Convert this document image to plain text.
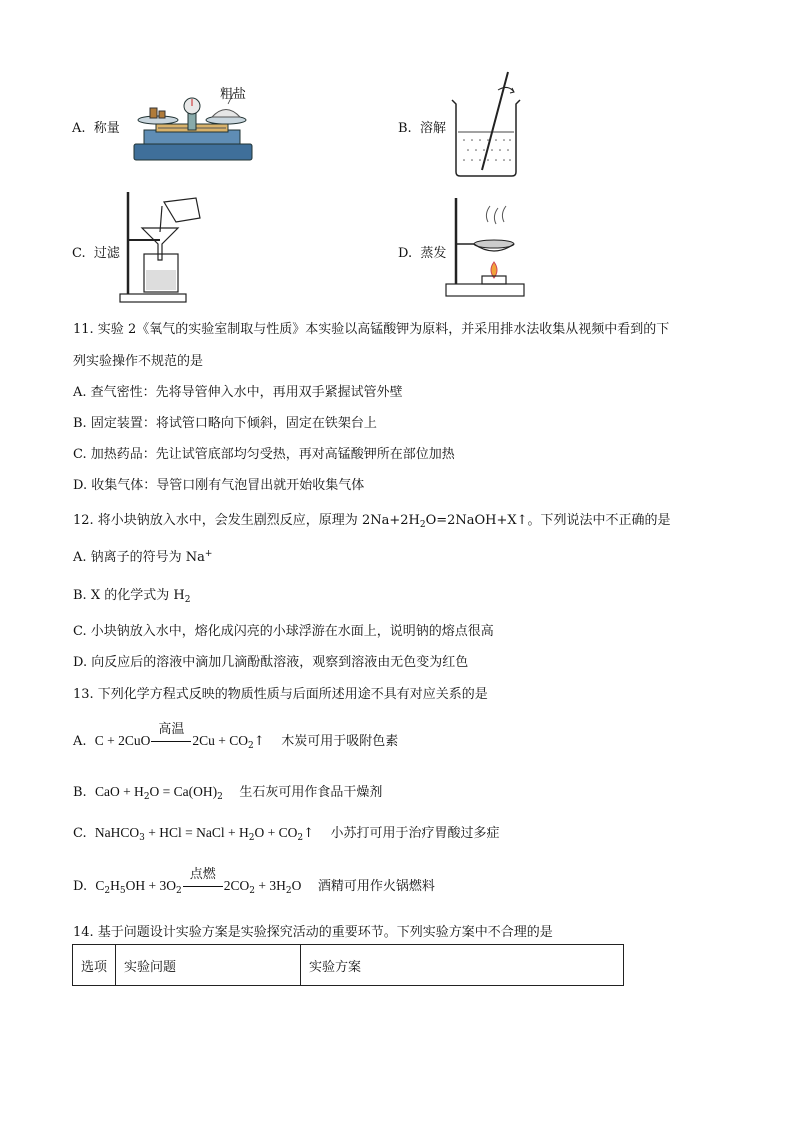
A. 称量
粗盐
B. 溶解
C. 过滤	D. 蒸发
11. 实验 2《氧气的实验室制取与性质》本实验以高锰酸钾为原料，并采用排水法收集从视频中看到的下
列实验操作不规范的是
A. 查气密性：先将导管伸入水中，再用双手紧握试管外壁
B. 固定装置：将试管口略向下倾斜，固定在铁架台上
C. 加热药品：先让试管底部均匀受热，再对高锰酸钾所在部位加热
D. 收集气体：导管口刚有气泡冒出就开始收集气体
12. 将小块钠放入水中，会发生剧烈反应，原理为 $2Na+2H_2O=2NaOH+X↑$。下列说法中不正确的是
A. 钠离子的符号为 Na+
B. X 的化学式为 $H_2$
C. 小块钠放入水中，熔化成闪亮的小球浮游在水面上，说明钠的熔点很高
D. 向反应后的溶液中滴加几滴酚酞溶液，观察到溶液由无色变为红色
13. 下列化学方程式反映的物质性质与后面所述用途不具有对应关系的是
A. C + 2CuO
高温
$2Cu + CO_2↑$ 木炭可用于吸附色素
B. CaO + $H_2O = Ca(OH)_2$ 生石灰可用作食品干燥剂
C. NaHCO$_3$ + HCl = NaCl + $H_2O$ + $CO_2↑$ 小苏打可用于治疗胃酸过多症
D. $C_2H_5OH + 3O_2$
点燃
$2CO_2 + 3H_2O$ 酒精可用作火锅燃料
14. 基于问题设计实验方案是实验探究活动的重要环节。下列实验方案中不合理的是
选项	实验问题	实验方案
